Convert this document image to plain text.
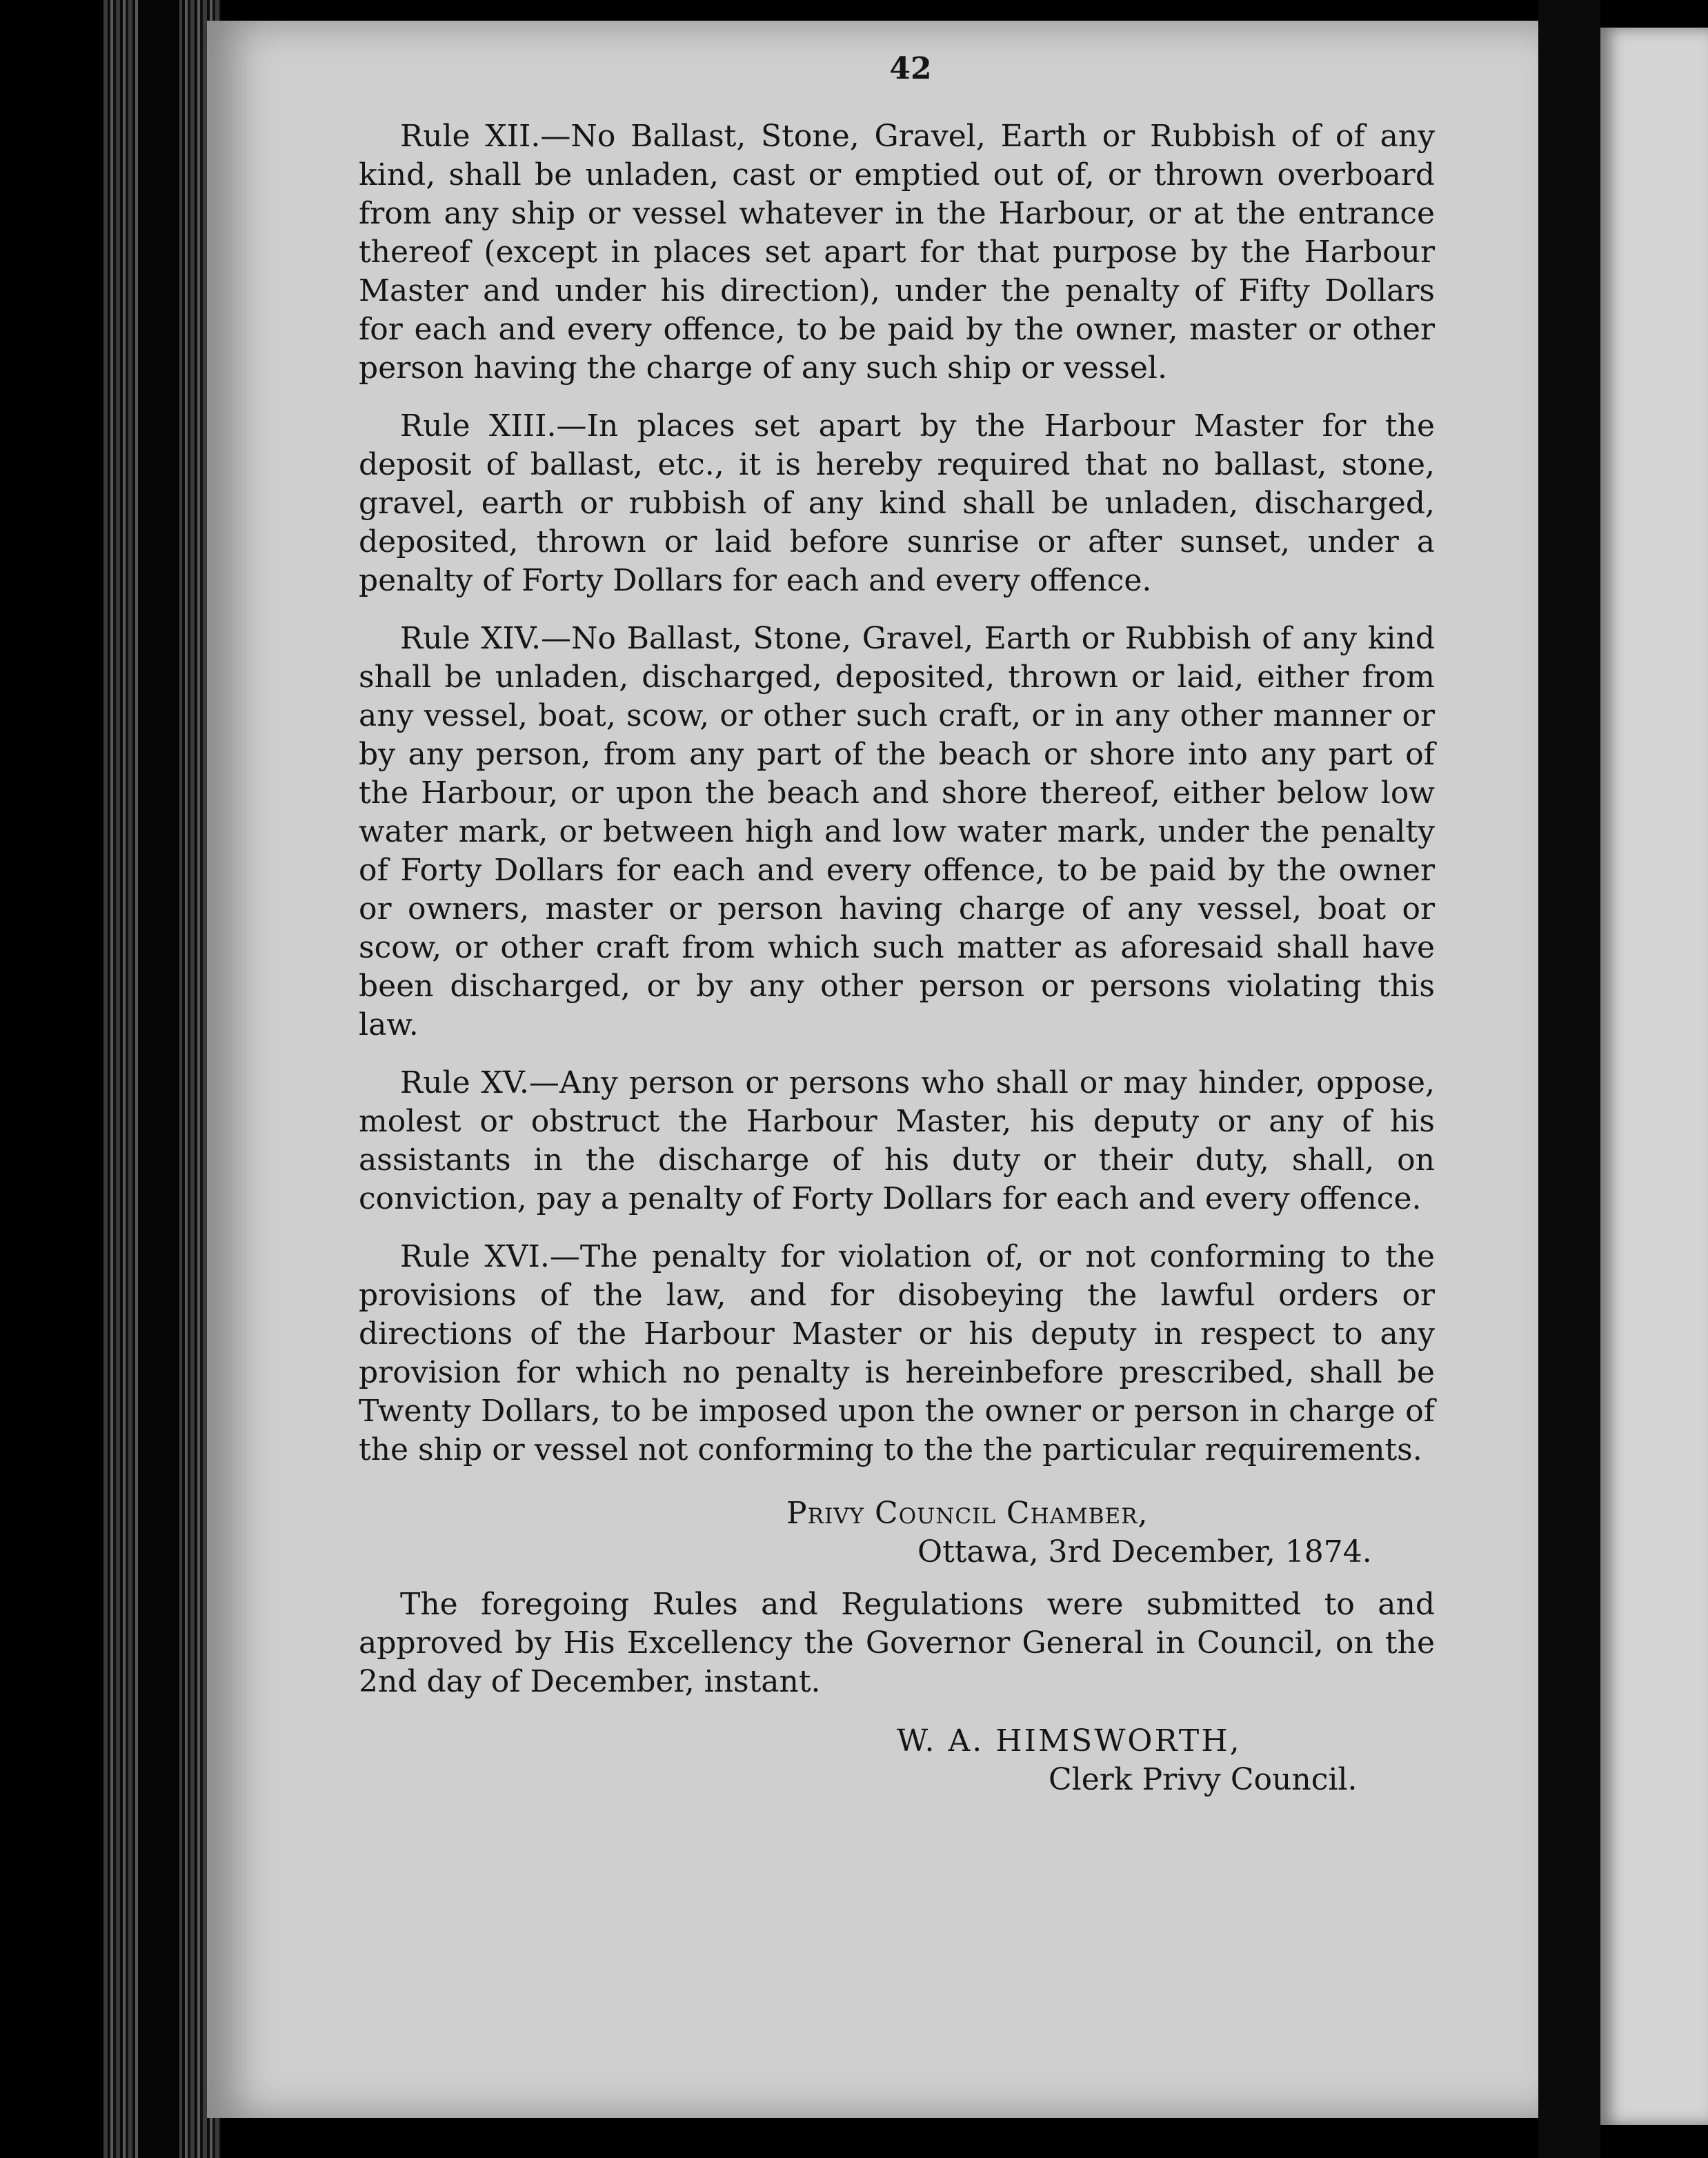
42

Rule XII.—No Ballast, Stone, Gravel, Earth or Rubbish of of any kind, shall be unladen, cast or emptied out of, or thrown overboard from any ship or vessel whatever in the Harbour, or at the entrance thereof (except in places set apart for that purpose by the Harbour Master and under his direction), under the penalty of Fifty Dollars for each and every offence, to be paid by the owner, master or other person having the charge of any such ship or vessel.

Rule XIII.—In places set apart by the Harbour Master for the deposit of ballast, etc., it is hereby required that no ballast, stone, gravel, earth or rubbish of any kind shall be unladen, discharged, deposited, thrown or laid before sunrise or after sunset, under a penalty of Forty Dollars for each and every offence.

Rule XIV.—No Ballast, Stone, Gravel, Earth or Rubbish of any kind shall be unladen, discharged, deposited, thrown or laid, either from any vessel, boat, scow, or other such craft, or in any other manner or by any person, from any part of the beach or shore into any part of the Harbour, or upon the beach and shore thereof, either below low water mark, or between high and low water mark, under the penalty of Forty Dollars for each and every offence, to be paid by the owner or owners, master or person having charge of any vessel, boat or scow, or other craft from which such matter as aforesaid shall have been discharged, or by any other person or persons violating this law.

Rule XV.—Any person or persons who shall or may hinder, oppose, molest or obstruct the Harbour Master, his deputy or any of his assistants in the discharge of his duty or their duty, shall, on conviction, pay a penalty of Forty Dollars for each and every offence.

Rule XVI.—The penalty for violation of, or not conforming to the provisions of the law, and for disobeying the lawful orders or directions of the Harbour Master or his deputy in respect to any provision for which no penalty is hereinbefore prescribed, shall be Twenty Dollars, to be imposed upon the owner or person in charge of the ship or vessel not conforming to the the particular requirements.

Privy Council Chamber,
Ottawa, 3rd December, 1874.

The foregoing Rules and Regulations were submitted to and approved by His Excellency the Governor General in Council, on the 2nd day of December, instant.

W. A. HIMSWORTH,
Clerk Privy Council.
